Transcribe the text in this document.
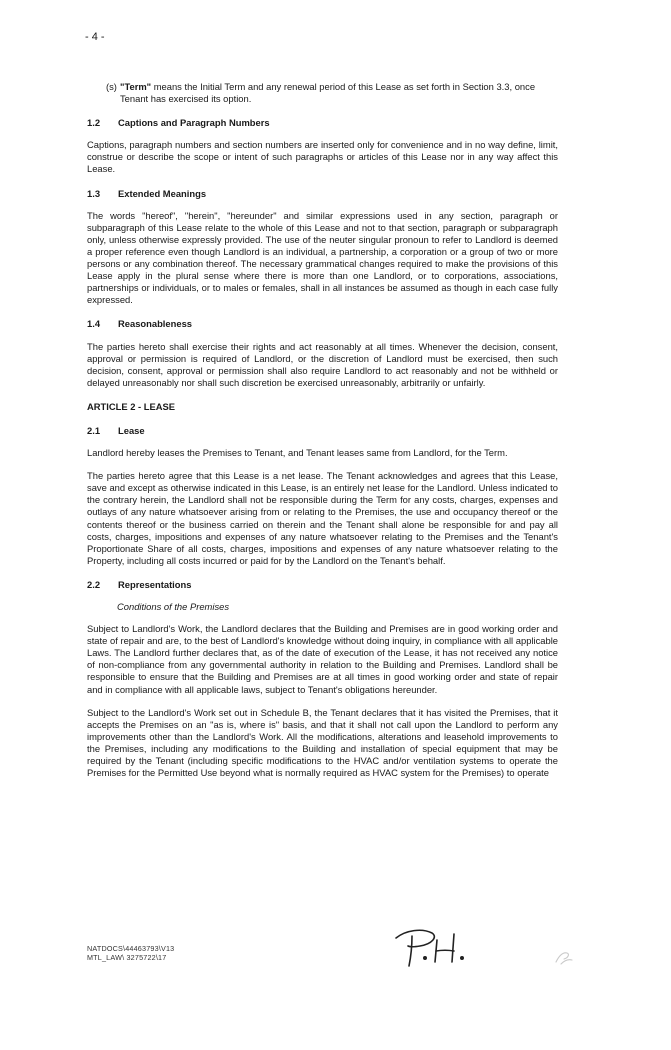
- 4 -
(s) "Term" means the Initial Term and any renewal period of this Lease as set forth in Section 3.3, once Tenant has exercised its option.
1.2	Captions and Paragraph Numbers

Captions, paragraph numbers and section numbers are inserted only for convenience and in no way define, limit, construe or describe the scope or intent of such paragraphs or articles of this Lease nor in any way affect this Lease.

1.3	Extended Meanings

The words "hereof", "herein", "hereunder" and similar expressions used in any section, paragraph or subparagraph of this Lease relate to the whole of this Lease and not to that section, paragraph or subparagraph only, unless otherwise expressly provided. The use of the neuter singular pronoun to refer to Landlord is deemed a proper reference even though Landlord is an individual, a partnership, a corporation or a group of two or more persons or any combination thereof. The necessary grammatical changes required to make the provisions of this Lease apply in the plural sense where there is more than one Landlord, or to corporations, associations, partnerships or individuals, or to males or females, shall in all instances be assumed as though in each case fully expressed.

1.4	Reasonableness

The parties hereto shall exercise their rights and act reasonably at all times. Whenever the decision, consent, approval or permission is required of Landlord, or the discretion of Landlord must be exercised, then such decision, consent, approval or permission shall also require Landlord to act reasonably and not be withheld or delayed unreasonably nor shall such discretion be exercised unreasonably, arbitrarily or unfairly.

ARTICLE 2 - LEASE
2.1	Lease

Landlord hereby leases the Premises to Tenant, and Tenant leases same from Landlord, for the Term.

The parties hereto agree that this Lease is a net lease. The Tenant acknowledges and agrees that this Lease, save and except as otherwise indicated in this Lease, is an entirely net lease for the Landlord. Unless indicated to the contrary herein, the Landlord shall not be responsible during the Term for any costs, charges, expenses and outlays of any nature whatsoever arising from or relating to the Premises, the use and occupancy thereof or the contents thereof or the business carried on therein and the Tenant shall alone be responsible for and pay all costs, charges, impositions and expenses of any nature whatsoever relating to the Premises and the Tenant's Proportionate Share of all costs, charges, impositions and expenses of any nature whatsoever relating to the Property, including all costs incurred or paid for by the Landlord on the Tenant's behalf.

2.2	Representations
Conditions of the Premises

Subject to Landlord's Work, the Landlord declares that the Building and Premises are in good working order and state of repair and are, to the best of Landlord's knowledge without doing inquiry, in compliance with all applicable Laws. The Landlord further declares that, as of the date of execution of the Lease, it has not received any notice of non-compliance from any governmental authority in relation to the Building and Premises. Landlord shall be responsible to ensure that the Building and Premises are at all times in good working order and state of repair and in compliance with all applicable laws, subject to Tenant's obligations hereunder.

Subject to the Landlord's Work set out in Schedule B, the Tenant declares that it has visited the Premises, that it accepts the Premises on an "as is, where is" basis, and that it shall not call upon the Landlord to perform any improvements other than the Landlord's Work. All the modifications, alterations and leasehold improvements to the Premises, including any modifications to the Building and installation of special equipment that may be required by the Tenant (including specific modifications to the HVAC and/or ventilation systems to operate the Premises for the Permitted Use beyond what is normally required as HVAC system for the Premises) to operate

NATDOCS\44463793\V13
MTL_LAW\ 3275722\17
